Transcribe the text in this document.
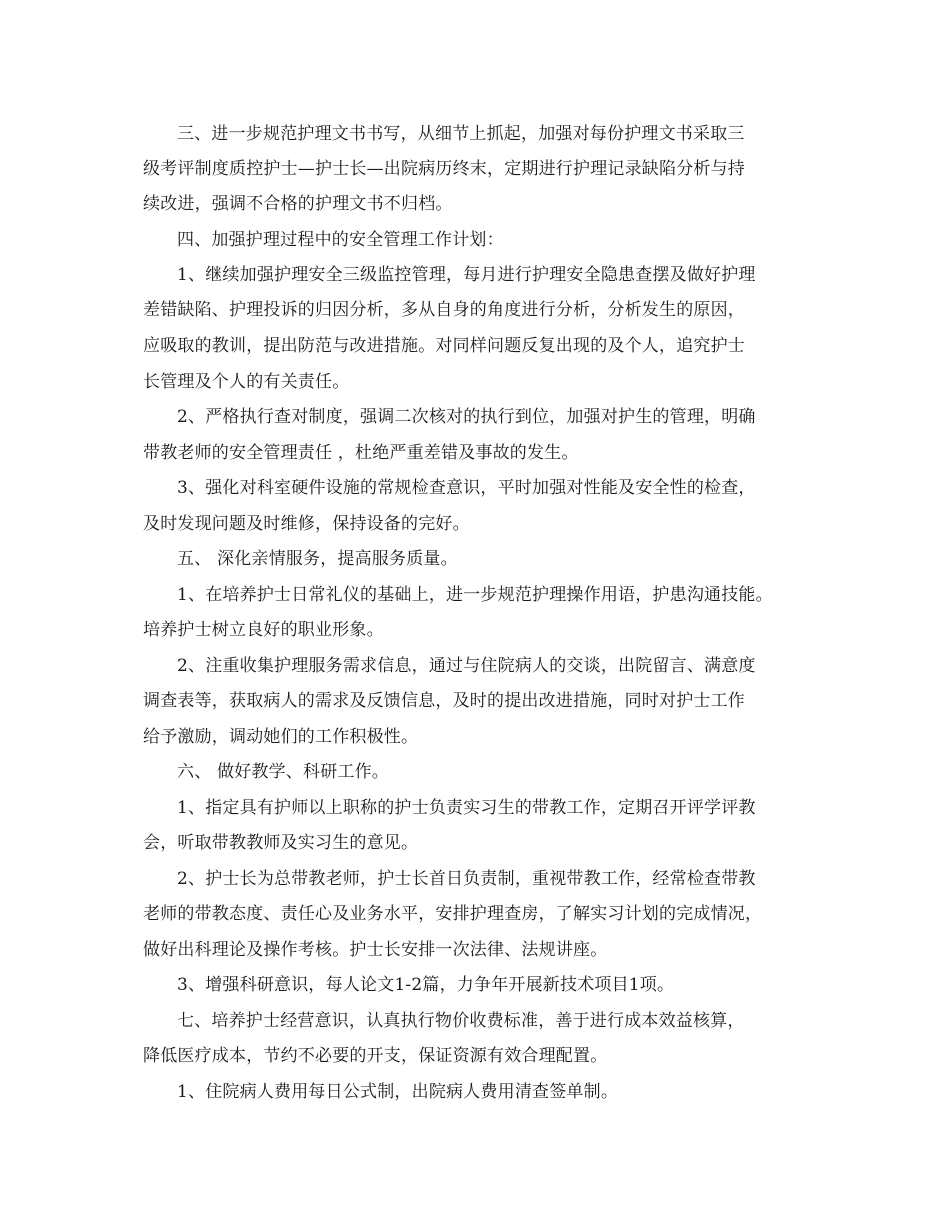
三、进一步规范护理文书书写，从细节上抓起，加强对每份护理文书采取三

级考评制度质控护士—护士长—出院病历终末，定期进行护理记录缺陷分析与持

续改进，强调不合格的护理文书不归档。

四、加强护理过程中的安全管理工作计划：

1、继续加强护理安全三级监控管理，每月进行护理安全隐患查摆及做好护理

差错缺陷、护理投诉的归因分析，多从自身的角度进行分析，分析发生的原因，

应吸取的教训，提出防范与改进措施。对同样问题反复出现的及个人，追究护士

长管理及个人的有关责任。

2、严格执行查对制度，强调二次核对的执行到位，加强对护生的管理，明确

带教老师的安全管理责任 ，杜绝严重差错及事故的发生。

3、强化对科室硬件设施的常规检查意识，平时加强对性能及安全性的检查，

及时发现问题及时维修，保持设备的完好。

五、 深化亲情服务，提高服务质量。

1、在培养护士日常礼仪的基础上，进一步规范护理操作用语，护患沟通技能。

培养护士树立良好的职业形象。

2、注重收集护理服务需求信息，通过与住院病人的交谈，出院留言、满意度

调查表等，获取病人的需求及反馈信息，及时的提出改进措施，同时对护士工作

给予激励，调动她们的工作积极性。

六、 做好教学、科研工作。

1、指定具有护师以上职称的护士负责实习生的带教工作，定期召开评学评教

会，听取带教教师及实习生的意见。

2、护士长为总带教老师，护士长首日负责制，重视带教工作，经常检查带教

老师的带教态度、责任心及业务水平，安排护理查房，了解实习计划的完成情况，

做好出科理论及操作考核。护士长安排一次法律、法规讲座。

3、增强科研意识，每人论文1-2篇，力争年开展新技术项目1项。

七、培养护士经营意识，认真执行物价收费标准，善于进行成本效益核算，

降低医疗成本，节约不必要的开支，保证资源有效合理配置。

1、住院病人费用每日公式制，出院病人费用清查签单制。
